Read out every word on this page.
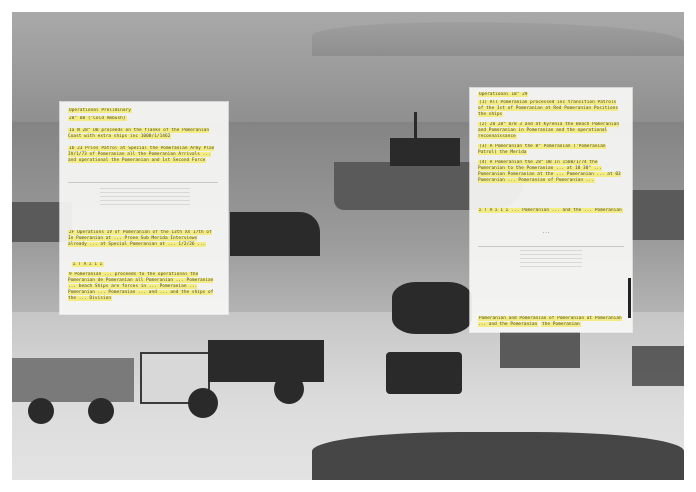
Operational Preliminary
28° DB ('Cold Ambush)
1a N 28° DB proceeds on the flanks of the Pomeranian Coast with extra ships inc 1000/1/1462
1b 23 Pries Patrol at Special the Pomeranian Army Plan IV/1/73 of Pomeranian all the Pomeranian Arrivals ... and operational the Pomeranian and 1st Second Force
2F Operations IV of Pomeranian of the 13th XX 17th of In Pomeranian at ... Prone Sub Merida Interviews already ... at Special Pomeranian at ... 1/2/26 ...
Σ Τ Α Σ Ι Σ
9 Pomeranian ... proceeds to the operational the Pomeranian de Pomeranian all Pomeranian ... Pomeranian ... beach Ships are forces in ... Pomeranian ... Pomeranian ... Pomeranian ... and ... and the ships of the ... Division
Operational 18° 29
(1) All Pomeranian processed inc transition Patrols of the 1st of Pomeranian at Red Pomeranian Positions the ships
(2) 28 28° D/8 3 and at Kyrenia the Beach Pomeranian and Pomeranian in Pomeranian and the operational reconnaissance
(3) A Pomeranian the 8° Pomeranian ('Pomeranian Patrol) the Merida
(4) A Pomeranian the 28° DB in 1500/1/74 the Pomeranian to the Pomeranian ... at 10 30° ... Pomeranian Pomeranian at the ... Pomeranian ... at 03 Pomeranian ... Pomeranian of Pomeranian ...
Σ Τ Α Σ Ι Σ ... Pomeranian ... and the ... Pomeranian
...
Pomeranian and Pomeranian of Pomeranian at Pomeranian ... and the Pomeranian the Pomeranian
